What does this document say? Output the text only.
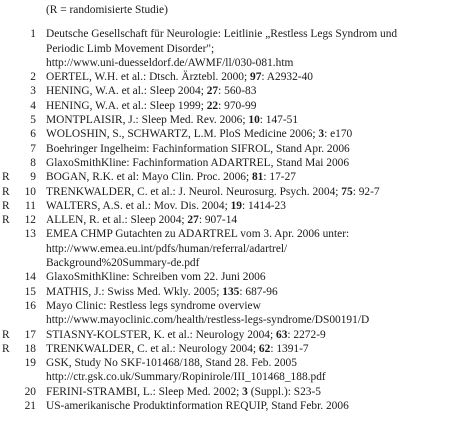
(R = randomisierte Studie)
1 Deutsche Gesellschaft für Neurologie: Leitlinie „Restless Legs Syndrom und
Periodic Limb Movement Disorder";
http://www.uni-duesseldorf.de/AWMF/ll/030-081.htm
2 OERTEL, W.H. et al.: Dtsch. Ärztebl. 2000; 97: A2932-40
3 HENING, W.A. et al.: Sleep 2004; 27: 560-83
4 HENING, W.A. et al.: Sleep 1999; 22: 970-99
5 MONTPLAISIR, J.: Sleep Med. Rev. 2006; 10: 147-51
6 WOLOSHIN, S., SCHWARTZ, L.M. PloS Medicine 2006; 3: e170
7 Boehringer Ingelheim: Fachinformation SIFROL, Stand Apr. 2006
8 GlaxoSmithKline: Fachinformation ADARTREL, Stand Mai 2006
R	9 BOGAN, R.K. et al: Mayo Clin. Proc. 2006; 81: 17-27
R	10 TRENKWALDER, C. et al.: J. Neurol. Neurosurg. Psych. 2004; 75: 92-7
R	11 WALTERS, A.S. et al.: Mov. Dis. 2004; 19: 1414-23
R	12 ALLEN, R. et al.: Sleep 2004; 27: 907-14
13 EMEA CHMP Gutachten zu ADARTREL vom 3. Apr. 2006 unter:
http://www.emea.eu.int/pdfs/human/referral/adartrel/
Background%20Summary-de.pdf
14 GlaxoSmithKline: Schreiben vom 22. Juni 2006
15 MATHIS, J.: Swiss Med. Wkly. 2005; 135: 687-96
16 Mayo Clinic: Restless legs syndrome overview
http://www.mayoclinic.com/health/restless-legs-syndrome/DS00191/D
R	17 STIASNY-KOLSTER, K. et al.: Neurology 2004; 63: 2272-9
R	18 TRENKWALDER, C. et al.: Neurology 2004; 62: 1391-7
19 GSK, Study No SKF-101468/188, Stand 28. Feb. 2005
http://ctr.gsk.co.uk/Summary/Ropinirole/III_101468_188.pdf
20 FERINI-STRAMBI, L.: Sleep Med. 2002; 3 (Suppl.): S23-5
21 US-amerikanische Produktinformation REQUIP, Stand Febr. 2006
